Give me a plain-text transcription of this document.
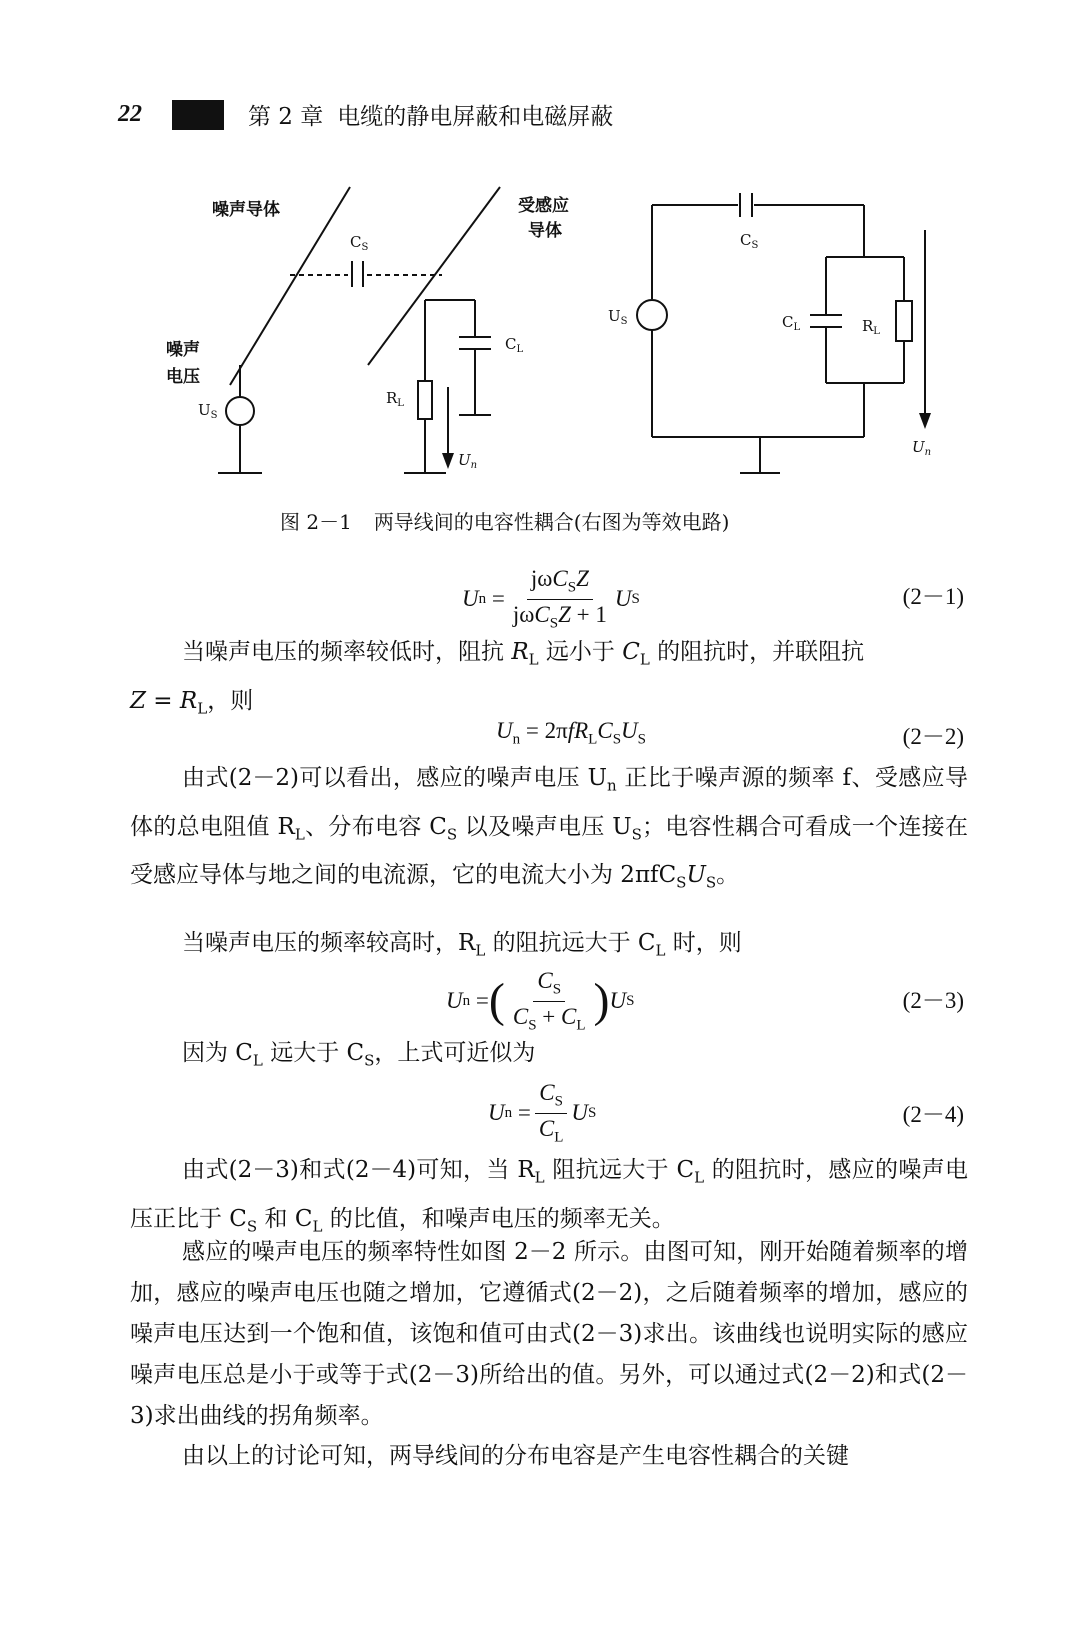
22	第 2 章 电缆的静电屏蔽和电磁屏蔽
噪声导体	受感应
导体
噪声
电压
$U_S$
$C_S$
$C_L$
$R_L$
$U_n$
$U_S$
$C_S$
$C_L$	$R_L$
$U_n$
图 2－1 两导线间的电容性耦合(右图为等效电路)
U $n = \frac{j\omega C_SZ}{j\omega C_SZ + 1}$ U S	(2－1)
当噪声电压的频率较低时，阻抗 $R_L$ 远小于 $C_L$ 的阻抗时，并联阻抗
$Z = R_L$，则
$U_n = 2\pi fR_LC_SU_S$	(2－2)
由式(2－2)可以看出，感应的噪声电压 $U_n$ 正比于噪声源的频率 f、受感应导体的总电阻值 $R_L$、分布电容 $C_S$ 以及噪声电压 $U_S$；电容性耦合可看成一个连接在受感应导体与地之间的电流源，它的电流大小为 $2\pi fC_SU_S$。
当噪声电压的频率较高时，$R_L$ 的阻抗远大于 $C_L$ 时，则
U n = ( $\frac{C_S}{C_S + C_L}$ ) U S	(2－3)
因为 $C_L$ 远大于 $C_S$，上式可近似为
U $n = \frac{C_S}{C_L}$ U S	(2－4)
由式(2－3)和式(2－4)可知，当 $R_L$ 阻抗远大于 $C_L$ 的阻抗时，感应的噪声电压正比于 $C_S$ 和 $C_L$ 的比值，和噪声电压的频率无关。
感应的噪声电压的频率特性如图 2－2 所示。由图可知，刚开始随着频率的增加，感应的噪声电压也随之增加，它遵循式(2－2)，之后随着频率的增加，感应的噪声电压达到一个饱和值，该饱和值可由式(2－3)求出。该曲线也说明实际的感应噪声电压总是小于或等于式(2－3)所给出的值。另外，可以通过式(2－2)和式(2－3)求出曲线的拐角频率。
由以上的讨论可知，两导线间的分布电容是产生电容性耦合的关键
